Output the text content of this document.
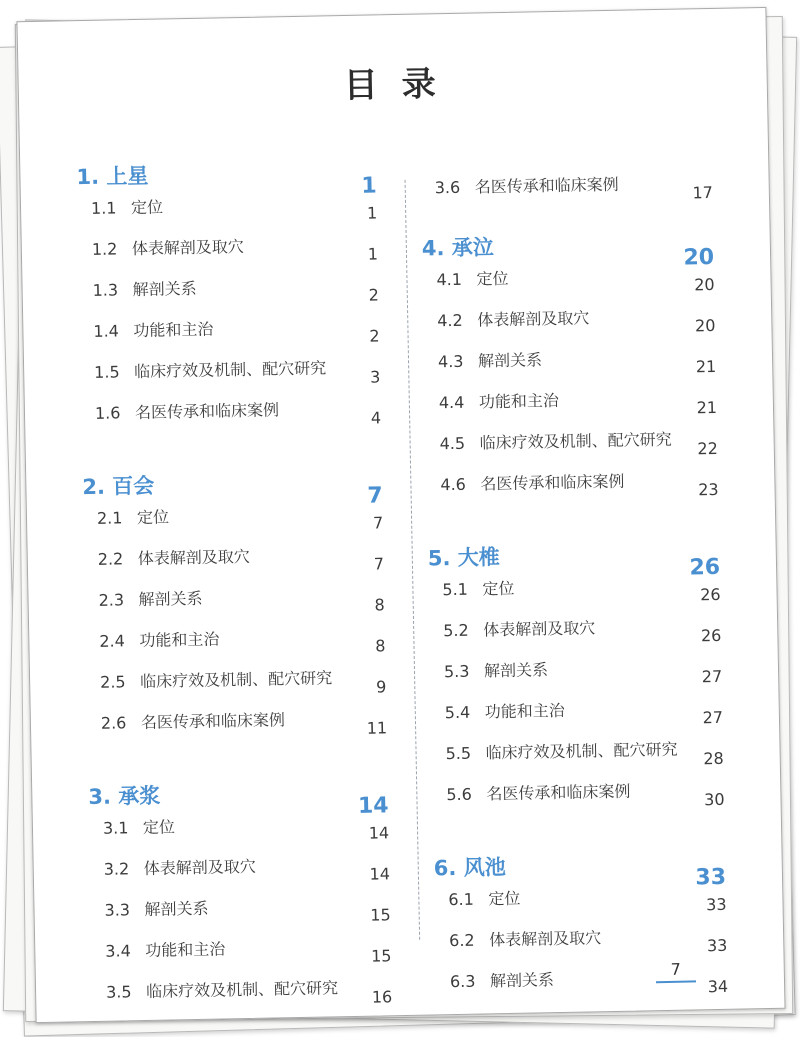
目 录
1. 上星	1
1.1 定位	1
1.2 体表解剖及取穴	1
1.3 解剖关系	2
1.4 功能和主治	2
1.5 临床疗效及机制、配穴研究	3
1.6 名医传承和临床案例	4
2. 百会	7
2.1 定位	7
2.2 体表解剖及取穴	7
2.3 解剖关系	8
2.4 功能和主治	8
2.5 临床疗效及机制、配穴研究	9
2.6 名医传承和临床案例	11
3. 承浆	14
3.1 定位	14
3.2 体表解剖及取穴	14
3.3 解剖关系	15
3.4 功能和主治	15
3.5 临床疗效及机制、配穴研究 16
3.6 名医传承和临床案例	17
4. 承泣	20
4.1 定位	20
4.2 体表解剖及取穴	20
4.3 解剖关系	21
4.4 功能和主治	21
4.5 临床疗效及机制、配穴研究 22
4.6 名医传承和临床案例	23
5. 大椎	26
5.1 定位	26
5.2 体表解剖及取穴	26
5.3 解剖关系	27
5.4 功能和主治	27
5.5 临床疗效及机制、配穴研究 28
5.6 名医传承和临床案例	30
6. 风池	33
6.1 定位	33
6.2 体表解剖及取穴	33
6.3 解剖关系	34
7
